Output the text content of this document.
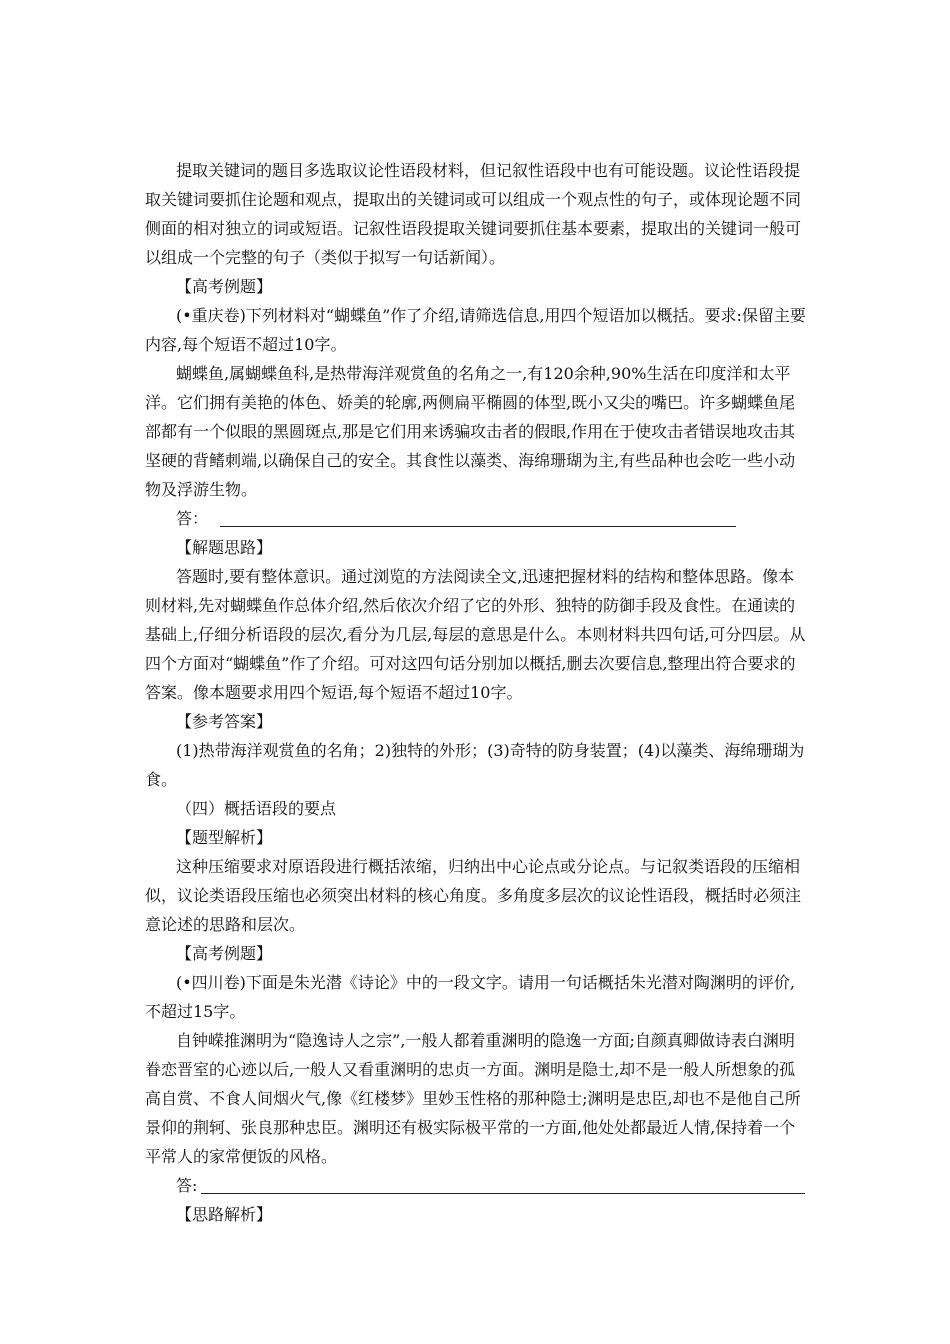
提取关键词的题目多选取议论性语段材料，但记叙性语段中也有可能设题。议论性语段提取关键词要抓住论题和观点，提取出的关键词或可以组成一个观点性的句子，或体现论题不同侧面的相对独立的词或短语。记叙性语段提取关键词要抓住基本要素，提取出的关键词一般可以组成一个完整的句子（类似于拟写一句话新闻）。

【高考例题】

(•重庆卷)下列材料对“蝴蝶鱼”作了介绍,请筛选信息,用四个短语加以概括。要求:保留主要内容,每个短语不超过10字。

蝴蝶鱼,属蝴蝶鱼科,是热带海洋观赏鱼的名角之一,有120余种,90%生活在印度洋和太平洋。它们拥有美艳的体色、娇美的轮廓,两侧扁平椭圆的体型,既小又尖的嘴巴。许多蝴蝶鱼尾部都有一个似眼的黑圆斑点,那是它们用来诱骗攻击者的假眼,作用在于使攻击者错误地攻击其坚硬的背鳍刺端,以确保自己的安全。其食性以藻类、海绵珊瑚为主,有些品种也会吃一些小动物及浮游生物。

答：

【解题思路】

答题时,要有整体意识。通过浏览的方法阅读全文,迅速把握材料的结构和整体思路。像本则材料,先对蝴蝶鱼作总体介绍,然后依次介绍了它的外形、独特的防御手段及食性。在通读的基础上,仔细分析语段的层次,看分为几层,每层的意思是什么。本则材料共四句话,可分四层。从四个方面对“蝴蝶鱼”作了介绍。可对这四句话分别加以概括,删去次要信息,整理出符合要求的答案。像本题要求用四个短语,每个短语不超过10字。

【参考答案】

(1)热带海洋观赏鱼的名角；2)独特的外形；(3)奇特的防身装置；(4)以藻类、海绵珊瑚为食。

（四）概括语段的要点

【题型解析】

这种压缩要求对原语段进行概括浓缩，归纳出中心论点或分论点。与记叙类语段的压缩相似，议论类语段压缩也必须突出材料的核心角度。多角度多层次的议论性语段，概括时必须注意论述的思路和层次。

【高考例题】

(•四川卷)下面是朱光潜《诗论》中的一段文字。请用一句话概括朱光潜对陶渊明的评价,不超过15字。

自钟嵘推渊明为“隐逸诗人之宗”,一般人都着重渊明的隐逸一方面;自颜真卿做诗表白渊明眷恋晋室的心迹以后,一般人又看重渊明的忠贞一方面。渊明是隐士,却不是一般人所想象的孤高自赏、不食人间烟火气,像《红楼梦》里妙玉性格的那种隐士;渊明是忠臣,却也不是他自己所景仰的荆轲、张良那种忠臣。渊明还有极实际极平常的一方面,他处处都最近人情,保持着一个平常人的家常便饭的风格。

答:

【思路解析】
